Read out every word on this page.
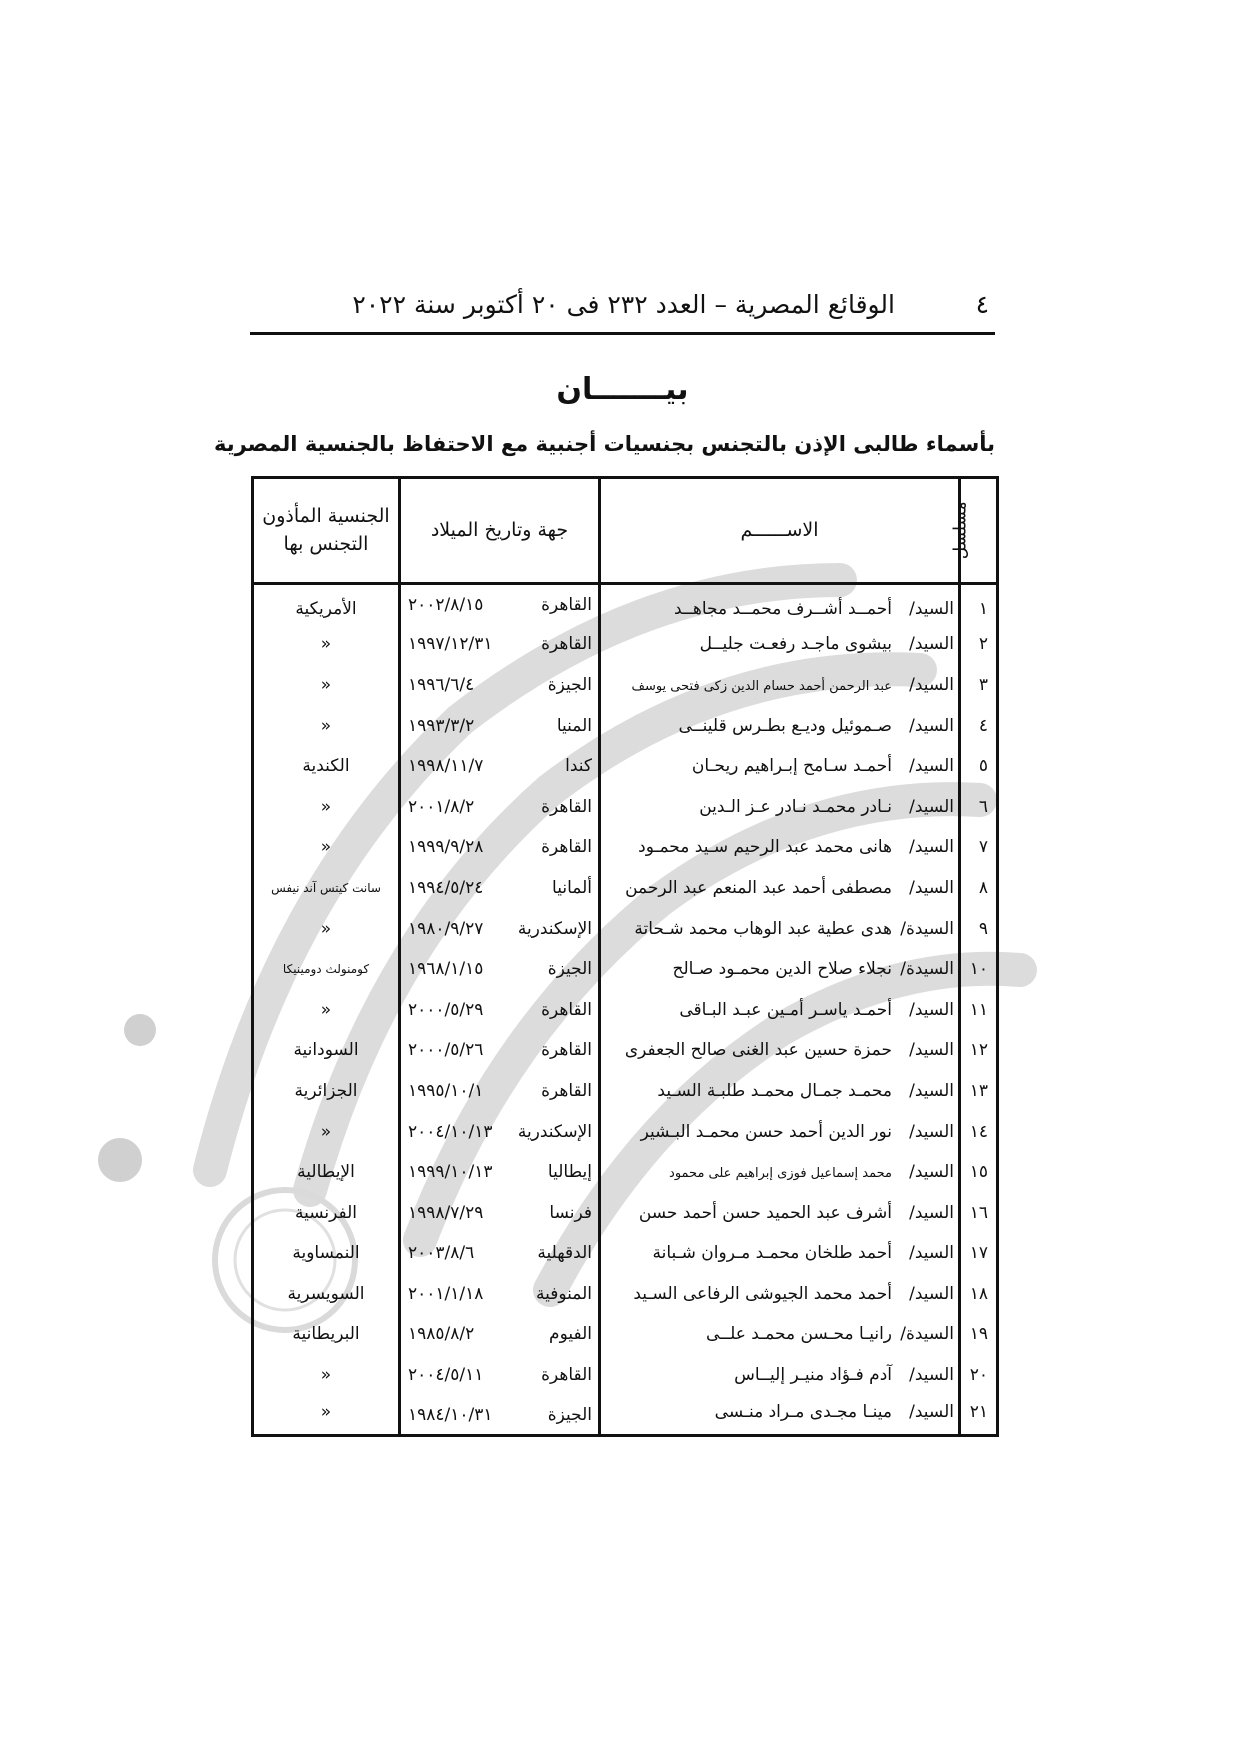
٤
الوقائع المصرية – العدد ٢٣٢ فى ٢٠ أكتوبر سنة ٢٠٢٢
بيـــــــان
بأسماء طالبى الإذن بالتجنس بجنسيات أجنبية مع الاحتفاظ بالجنسية المصرية
مسلسل	الاســــــم	جهة وتاريخ الميلاد	الجنسية المأذون التجنس بها
١	السيد/أحمــد أشــرف محمــد مجاهــد	القاهرة٢٠٠٢/٨/١٥	الأمريكية
٢	السيد/بيشوى ماجـد رفعـت جليــل	القاهرة١٩٩٧/١٢/٣١	«
٣	السيد/عبد الرحمن أحمد حسام الدين زكى فتحى يوسف	الجيزة١٩٩٦/٦/٤	«
٤	السيد/صـموئيل وديـع بطـرس قلينــى	المنيا١٩٩٣/٣/٢	«
٥	السيد/أحمـد سـامح إبـراهيم ريحـان	كندا١٩٩٨/١١/٧	الكندية
٦	السيد/نـادر محمـد نـادر عـز الـدين	القاهرة٢٠٠١/٨/٢	«
٧	السيد/هانى محمد عبد الرحيم سـيد محمـود	القاهرة١٩٩٩/٩/٢٨	«
٨	السيد/مصطفى أحمد عبد المنعم عبد الرحمن	ألمانيا١٩٩٤/٥/٢٤	سانت كيتس آند نيفس
٩	السيدة/هدى عطية عبد الوهاب محمد شـحاتة	الإسكندرية١٩٨٠/٩/٢٧	«
١٠	السيدة/نجلاء صلاح الدين محمـود صـالح	الجيزة١٩٦٨/١/١٥	كومنولث دومينيكا
١١	السيد/أحمـد ياسـر أمـين عبـد البـاقى	القاهرة٢٠٠٠/٥/٢٩	«
١٢	السيد/حمزة حسين عبد الغنى صالح الجعفرى	القاهرة٢٠٠٠/٥/٢٦	السودانية
١٣	السيد/محمـد جمـال محمـد طلبـة السـيد	القاهرة١٩٩٥/١٠/١	الجزائرية
١٤	السيد/نور الدين أحمد حسن محمـد البـشير	الإسكندرية٢٠٠٤/١٠/١٣	«
١٥	السيد/محمد إسماعيل فوزى إبراهيم على محمود	إيطاليا١٩٩٩/١٠/١٣	الإيطالية
١٦	السيد/أشرف عبد الحميد حسن أحمد حسن	فرنسا١٩٩٨/٧/٢٩	الفرنسية
١٧	السيد/أحمد طلخان محمـد مـروان شـبانة	الدقهلية٢٠٠٣/٨/٦	النمساوية
١٨	السيد/أحمد محمد الجيوشى الرفاعى السـيد	المنوفية٢٠٠١/١/١٨	السويسرية
١٩	السيدة/رانيـا محـسن محمـد علــى	الفيوم١٩٨٥/٨/٢	البريطانية
٢٠	السيد/آدم فـؤاد منيـر إليــاس	القاهرة٢٠٠٤/٥/١١	«
٢١	السيد/مينـا مجـدى مـراد منـسى	الجيزة١٩٨٤/١٠/٣١	«
